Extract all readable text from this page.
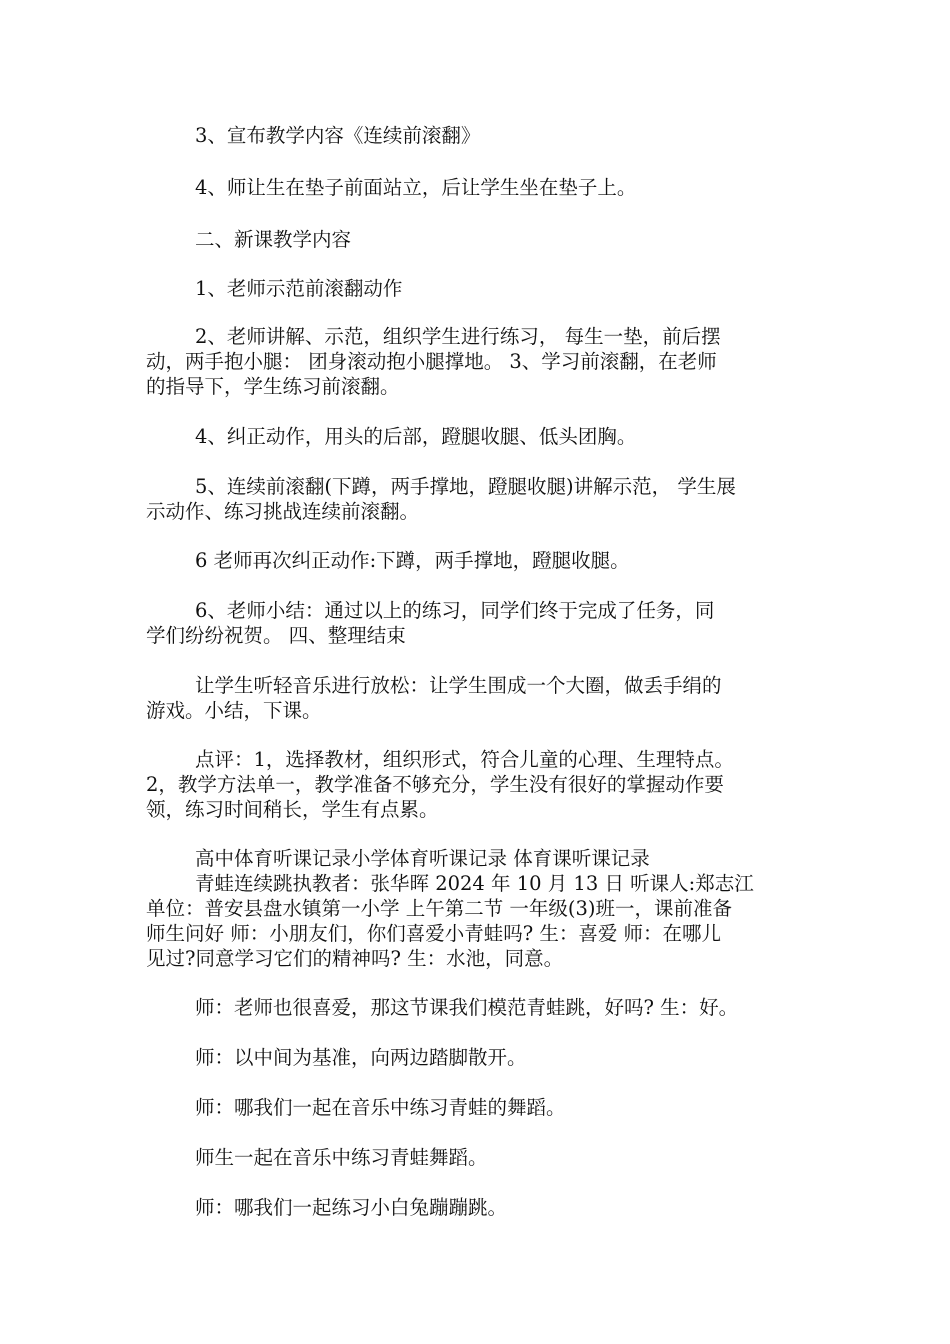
3、宣布教学内容《连续前滚翻》

4、师让生在垫子前面站立，后让学生坐在垫子上。

二、新课教学内容

1、老师示范前滚翻动作

2、老师讲解、示范，组织学生进行练习， 每生一垫，前后摆
动，两手抱小腿： 团身滚动抱小腿撑地。 3、学习前滚翻，在老师
的指导下，学生练习前滚翻。

4、纠正动作，用头的后部，蹬腿收腿、低头团胸。

5、连续前滚翻(下蹲，两手撑地，蹬腿收腿)讲解示范， 学生展
示动作、练习挑战连续前滚翻。

6 老师再次纠正动作:下蹲，两手撑地，蹬腿收腿。

6、老师小结：通过以上的练习，同学们终于完成了任务，同
学们纷纷祝贺。 四、整理结束

让学生听轻音乐进行放松：让学生围成一个大圈，做丢手绢的
游戏。小结，下课。

点评：1，选择教材，组织形式，符合儿童的心理、生理特点。
2，教学方法单一，教学准备不够充分，学生没有很好的掌握动作要
领，练习时间稍长，学生有点累。

高中体育听课记录小学体育听课记录 体育课听课记录
青蛙连续跳执教者：张华晖 2024 年 10 月 13 日 听课人:郑志江
单位：普安县盘水镇第一小学 上午第二节 一年级(3)班一，课前准备
师生问好 师：小朋友们，你们喜爱小青蛙吗? 生：喜爱 师：在哪儿
见过?同意学习它们的精神吗? 生：水池，同意。

师：老师也很喜爱，那这节课我们模范青蛙跳，好吗? 生：好。

师：以中间为基准，向两边踏脚散开。

师：哪我们一起在音乐中练习青蛙的舞蹈。

师生一起在音乐中练习青蛙舞蹈。

师：哪我们一起练习小白兔蹦蹦跳。
